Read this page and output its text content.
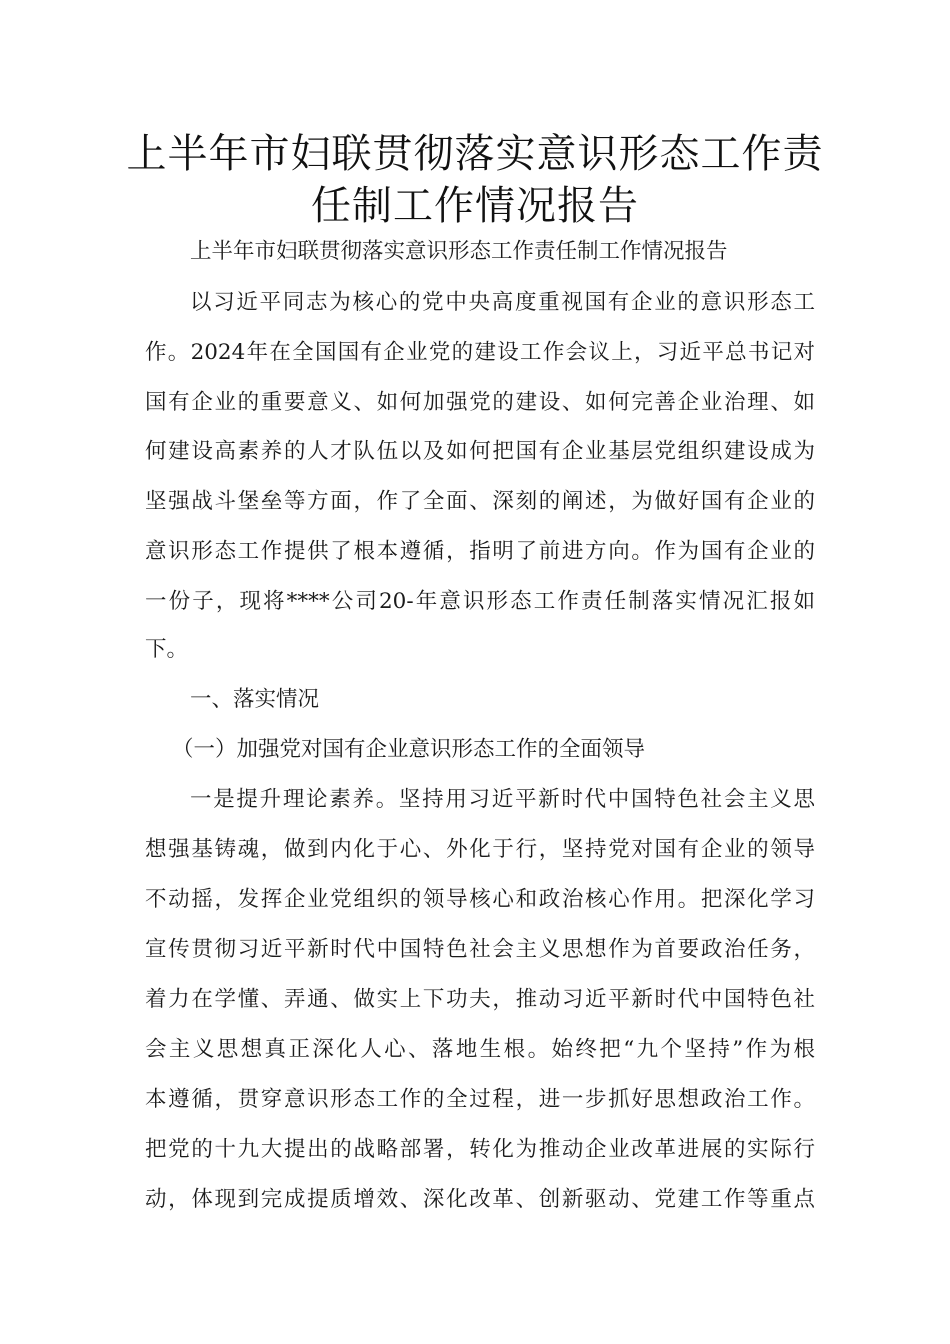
上半年市妇联贯彻落实意识形态工作责
任制工作情况报告

上半年市妇联贯彻落实意识形态工作责任制工作情况报告

以习近平同志为核心的党中央高度重视国有企业的意识形态工

作。2024年在全国国有企业党的建设工作会议上，习近平总书记对

国有企业的重要意义、如何加强党的建设、如何完善企业治理、如

何建设高素养的人才队伍以及如何把国有企业基层党组织建设成为

坚强战斗堡垒等方面，作了全面、深刻的阐述，为做好国有企业的

意识形态工作提供了根本遵循，指明了前进方向。作为国有企业的

一份子，现将****公司20-年意识形态工作责任制落实情况汇报如

下。

一、落实情况

（一）加强党对国有企业意识形态工作的全面领导

一是提升理论素养。坚持用习近平新时代中国特色社会主义思

想强基铸魂，做到内化于心、外化于行，坚持党对国有企业的领导

不动摇，发挥企业党组织的领导核心和政治核心作用。把深化学习

宣传贯彻习近平新时代中国特色社会主义思想作为首要政治任务，

着力在学懂、弄通、做实上下功夫，推动习近平新时代中国特色社

会主义思想真正深化人心、落地生根。始终把“九个坚持”作为根

本遵循，贯穿意识形态工作的全过程，进一步抓好思想政治工作。

把党的十九大提出的战略部署，转化为推动企业改革进展的实际行

动，体现到完成提质增效、深化改革、创新驱动、党建工作等重点
